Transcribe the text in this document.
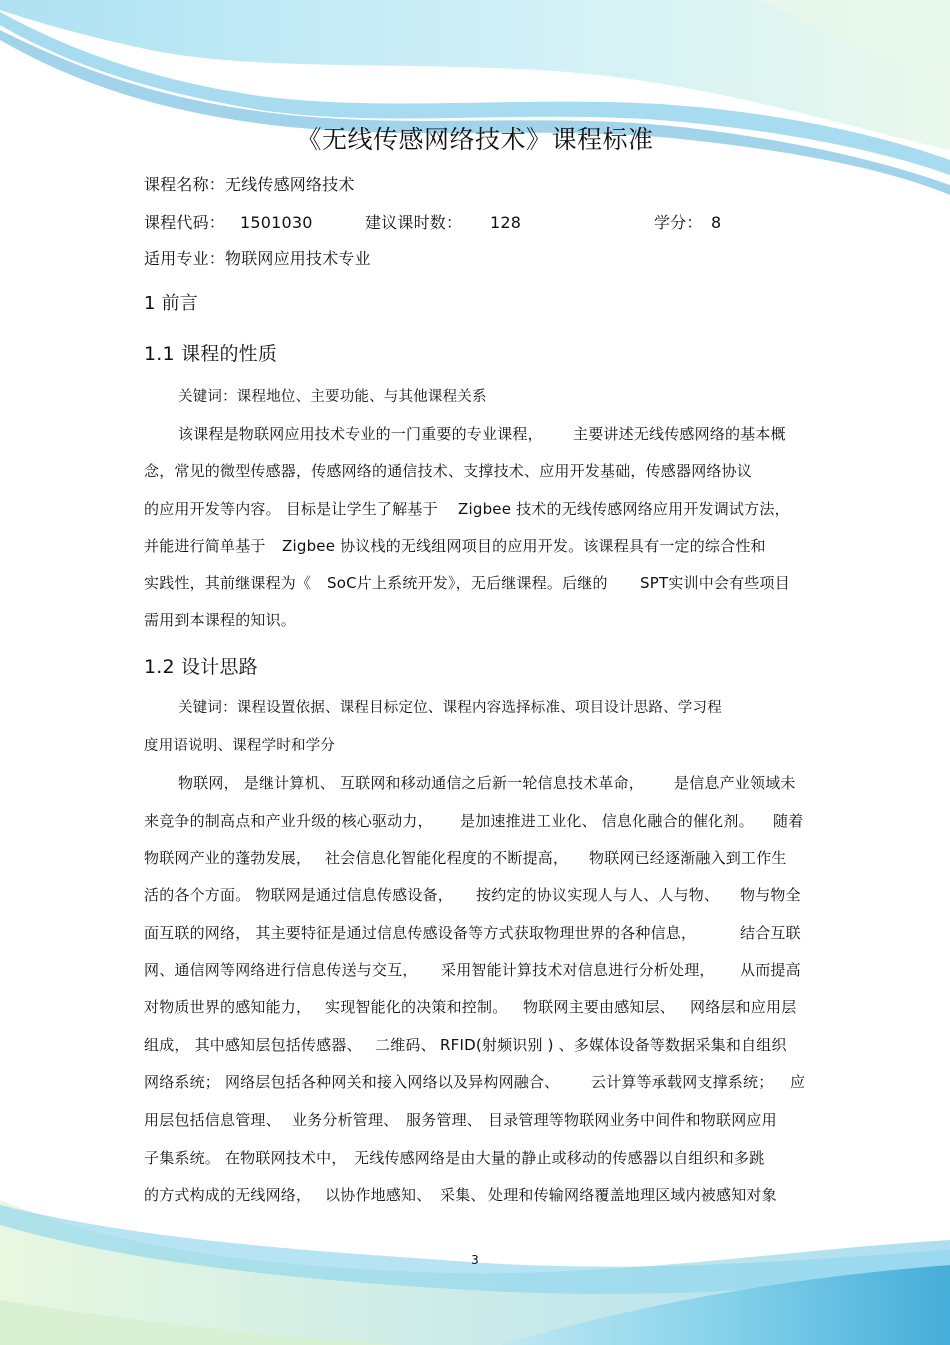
《无线传感网络技术》课程标准
课程名称：无线传感网络技术
课程代码： 1501030	建议课时数： 128	学分： 8
适用专业：物联网应用技术专业
1 前言
1.1 课程的性质
关键词：课程地位、主要功能、与其他课程关系
该课程是物联网应用技术专业的一门重要的专业课程， 主要讲述无线传感网络的基本概
念，常见的微型传感器，传感网络的通信技术、支撑技术、应用开发基础，传感器网络协议
的应用开发等内容。 目标是让学生了解基于 Zigbee 技术的无线传感网络应用开发调试方法，
并能进行简单基于 Zigbee 协议栈的无线组网项目的应用开发。该课程具有一定的综合性和
实践性，其前继课程为《 SoC片上系统开发》，无后继课程。后继的 SPT实训中会有些项目
需用到本课程的知识。
1.2 设计思路
关键词：课程设置依据、课程目标定位、课程内容选择标准、项目设计思路、学习程
度用语说明、课程学时和学分
物联网， 是继计算机、 互联网和移动通信之后新一轮信息技术革命， 是信息产业领域未
来竞争的制高点和产业升级的核心驱动力， 是加速推进工业化、 信息化融合的催化剂。 随着
物联网产业的蓬勃发展， 社会信息化智能化程度的不断提高， 物联网已经逐渐融入到工作生
活的各个方面。 物联网是通过信息传感设备， 按约定的协议实现人与人、人与物、 物与物全
面互联的网络， 其主要特征是通过信息传感设备等方式获取物理世界的各种信息，	结合互联
网、通信网等网络进行信息传送与交互， 采用智能计算技术对信息进行分析处理， 从而提高
对物质世界的感知能力， 实现智能化的决策和控制。 物联网主要由感知层、 网络层和应用层
组成， 其中感知层包括传感器、 二维码、 RFID(射频识别 ) 、多媒体设备等数据采集和自组织
网络系统； 网络层包括各种网关和接入网络以及异构网融合、 云计算等承载网支撑系统； 应
用层包括信息管理、 业务分析管理、 服务管理、 目录管理等物联网业务中间件和物联网应用
子集系统。 在物联网技术中， 无线传感网络是由大量的静止或移动的传感器以自组织和多跳
的方式构成的无线网络， 以协作地感知、 采集、 处理和传输网络覆盖地理区域内被感知对象
3
